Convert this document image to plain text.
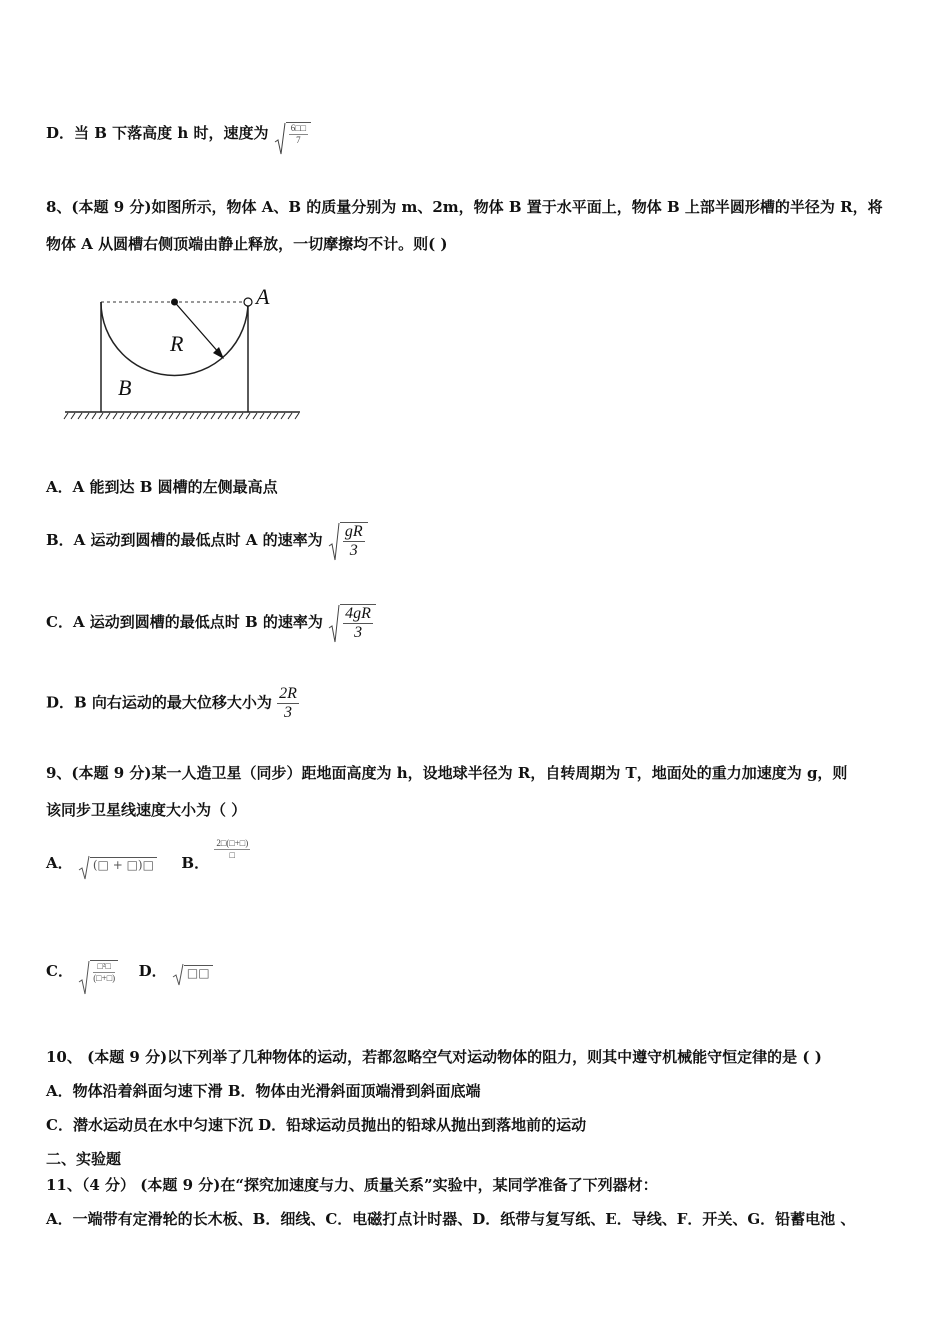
D．当 B 下落高度 h 时，速度为 $\frac{6□□}{7}$
8、(本题 9 分)如图所示，物体 A、B 的质量分别为 m、2m，物体 B 置于水平面上，物体 B 上部半圆形槽的半径为 R，将
物体 A 从圆槽右侧顶端由静止释放，一切摩擦均不计。则( )
A
R
B
A．A 能到达 B 圆槽的左侧最高点
B．A 运动到圆槽的最低点时 A 的速率为 $\frac{gR}{3}$
C．A 运动到圆槽的最低点时 B 的速率为 $\frac{4gR}{3}$
D．B 向右运动的最大位移大小为 $\frac{2R}{3}$
9、(本题 9 分)某一人造卫星（同步）距地面高度为 h，设地球半径为 R，自转周期为 T，地面处的重力加速度为 g，则
该同步卫星线速度大小为（ ）
A． (□ + □)□ B．
$\frac{2□(□+□)}{□}$
C． $\frac{\text{□²□}}{(□+□)}$ D． □□
10、 (本题 9 分)以下列举了几种物体的运动，若都忽略空气对运动物体的阻力，则其中遵守机械能守恒定律的是 ( )
A．物体沿着斜面匀速下滑 B．物体由光滑斜面顶端滑到斜面底端
C．潜水运动员在水中匀速下沉 D．铅球运动员抛出的铅球从抛出到落地前的运动
二、实验题
11、（4 分） (本题 9 分)在“探究加速度与力、质量关系”实验中，某同学准备了下列器材：
A．一端带有定滑轮的长木板、B．细线、C．电磁打点计时器、D．纸带与复写纸、E．导线、F．开关、G．铅蓄电池 、
